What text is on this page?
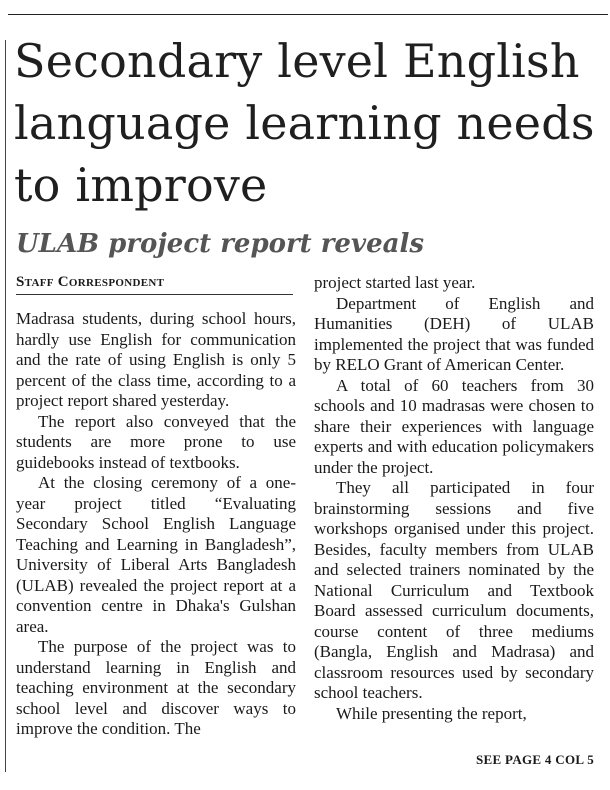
Secondary level English language learning needs to improve
ULAB project report reveals
Staff Correspondent

Madrasa students, during school hours, hardly use English for communication and the rate of using English is only 5 percent of the class time, according to a project report shared yesterday.

The report also conveyed that the students are more prone to use guidebooks instead of textbooks.

At the closing ceremony of a one-year project titled “Evaluating Secondary School English Language Teaching and Learning in Bangladesh”, University of Liberal Arts Bangladesh (ULAB) revealed the project report at a convention centre in Dhaka's Gulshan area.

The purpose of the project was to understand learning in English and teaching environment at the secondary school level and discover ways to improve the condition. The

project started last year.

Department of English and Humanities (DEH) of ULAB implemented the project that was funded by RELO Grant of American Center.

A total of 60 teachers from 30 schools and 10 madrasas were chosen to share their experiences with language experts and with education policymakers under the project.

They all participated in four brainstorming sessions and five workshops organised under this project. Besides, faculty members from ULAB and selected trainers nominated by the National Curriculum and Textbook Board assessed curriculum documents, course content of three mediums (Bangla, English and Madrasa) and classroom resources used by secondary school teachers.

While presenting the report,

SEE PAGE 4 COL 5
